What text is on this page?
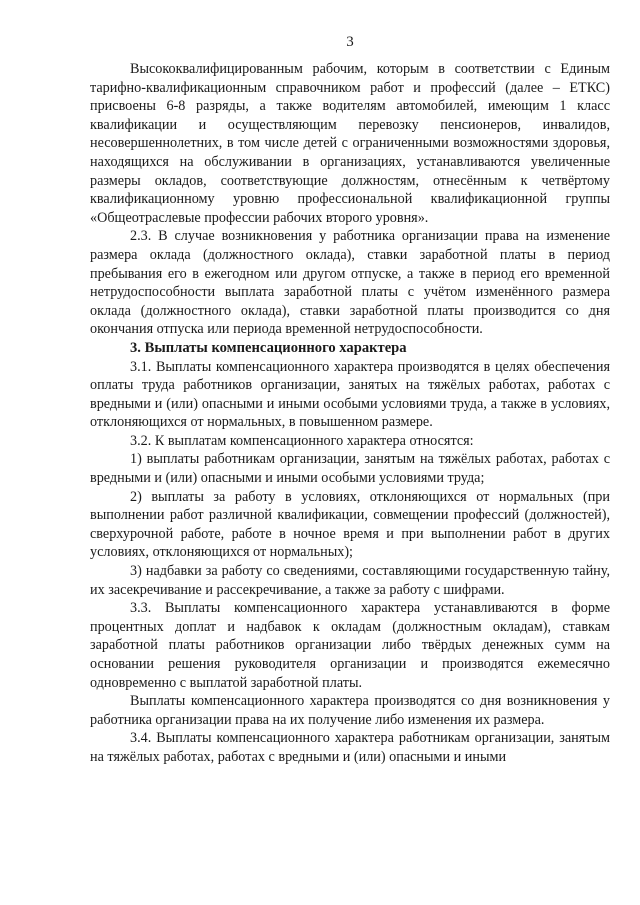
3

Высококвалифицированным рабочим, которым в соответствии с Единым тарифно-квалификационным справочником работ и профессий (далее – ЕТКС) присвоены 6-8 разряды, а также водителям автомобилей, имеющим 1 класс квалификации и осуществляющим перевозку пенсионеров, инвалидов, несовершеннолетних, в том числе детей с ограниченными возможностями здоровья, находящихся на обслуживании в организациях, устанавливаются увеличенные размеры окладов, соответствующие должностям, отнесённым к четвёртому квалификационному уровню профессиональной квалификационной группы «Общеотраслевые профессии рабочих второго уровня».

2.3. В случае возникновения у работника организации права на изменение размера оклада (должностного оклада), ставки заработной платы в период пребывания его в ежегодном или другом отпуске, а также в период его временной нетрудоспособности выплата заработной платы с учётом изменённого размера оклада (должностного оклада), ставки заработной платы производится со дня окончания отпуска или периода временной нетрудоспособности.

3. Выплаты компенсационного характера

3.1. Выплаты компенсационного характера производятся в целях обеспечения оплаты труда работников организации, занятых на тяжёлых работах, работах с вредными и (или) опасными и иными особыми условиями труда, а также в условиях, отклоняющихся от нормальных, в повышенном размере.

3.2. К выплатам компенсационного характера относятся:

1) выплаты работникам организации, занятым на тяжёлых работах, работах с вредными и (или) опасными и иными особыми условиями труда;

2) выплаты за работу в условиях, отклоняющихся от нормальных (при выполнении работ различной квалификации, совмещении профессий (должностей), сверхурочной работе, работе в ночное время и при выполнении работ в других условиях, отклоняющихся от нормальных);

3) надбавки за работу со сведениями, составляющими государственную тайну, их засекречивание и рассекречивание, а также за работу с шифрами.

3.3. Выплаты компенсационного характера устанавливаются в форме процентных доплат и надбавок к окладам (должностным окладам), ставкам заработной платы работников организации либо твёрдых денежных сумм на основании решения руководителя организации и производятся ежемесячно одновременно с выплатой заработной платы.

Выплаты компенсационного характера производятся со дня возникновения у работника организации права на их получение либо изменения их размера.

3.4. Выплаты компенсационного характера работникам организации, занятым на тяжёлых работах, работах с вредными и (или) опасными и иными
